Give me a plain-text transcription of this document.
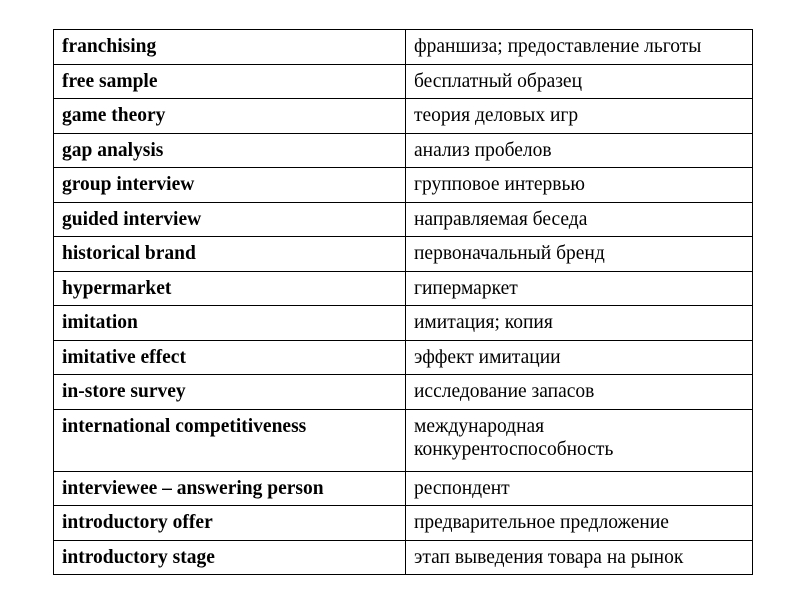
franchising	франшиза; предоставление льготы
free sample	бесплатный образец
game theory	теория деловых игр
gap analysis	анализ пробелов
group interview	групповое интервью
guided interview	направляемая беседа
historical brand	первоначальный бренд
hypermarket	гипермаркет
imitation	имитация; копия
imitative effect	эффект имитации
in-store survey	исследование запасов
international competitiveness	международная конкурентоспособность
interviewee – answering person	респондент
introductory offer	предварительное предложение
introductory stage	этап выведения товара на рынок
